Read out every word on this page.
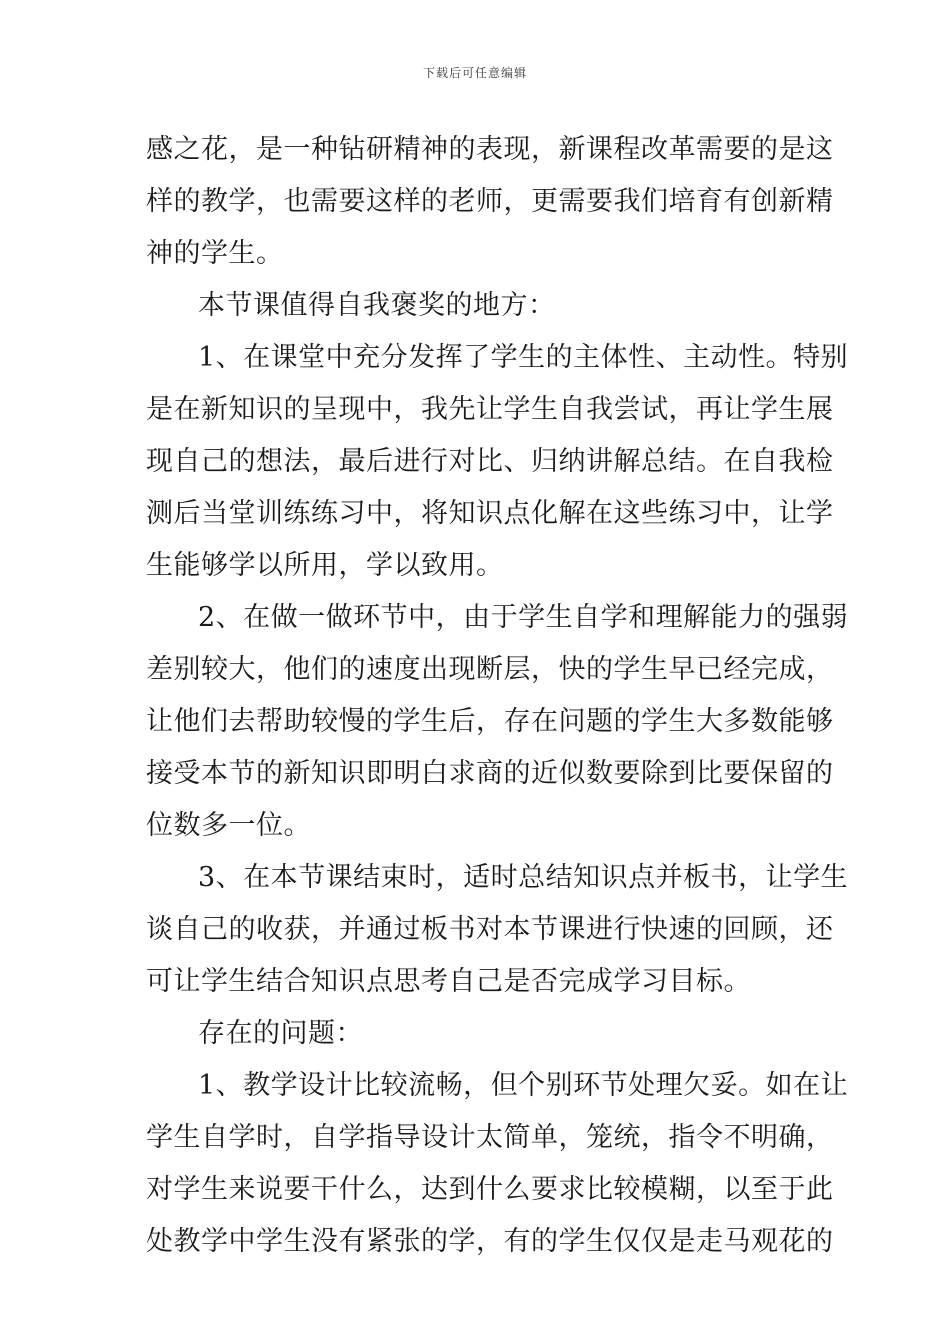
下载后可任意编辑
感之花，是一种钻研精神的表现，新课程改革需要的是这
样的教学，也需要这样的老师，更需要我们培育有创新精
神的学生。
本节课值得自我褒奖的地方：
1、在课堂中充分发挥了学生的主体性、主动性。特别
是在新知识的呈现中，我先让学生自我尝试，再让学生展
现自己的想法，最后进行对比、归纳讲解总结。在自我检
测后当堂训练练习中，将知识点化解在这些练习中，让学
生能够学以所用，学以致用。
2、在做一做环节中，由于学生自学和理解能力的强弱
差别较大，他们的速度出现断层，快的学生早已经完成，
让他们去帮助较慢的学生后，存在问题的学生大多数能够
接受本节的新知识即明白求商的近似数要除到比要保留的
位数多一位。
3、在本节课结束时，适时总结知识点并板书，让学生
谈自己的收获，并通过板书对本节课进行快速的回顾，还
可让学生结合知识点思考自己是否完成学习目标。
存在的问题：
1、教学设计比较流畅，但个别环节处理欠妥。如在让
学生自学时，自学指导设计太简单，笼统，指令不明确，
对学生来说要干什么，达到什么要求比较模糊，以至于此
处教学中学生没有紧张的学，有的学生仅仅是走马观花的
